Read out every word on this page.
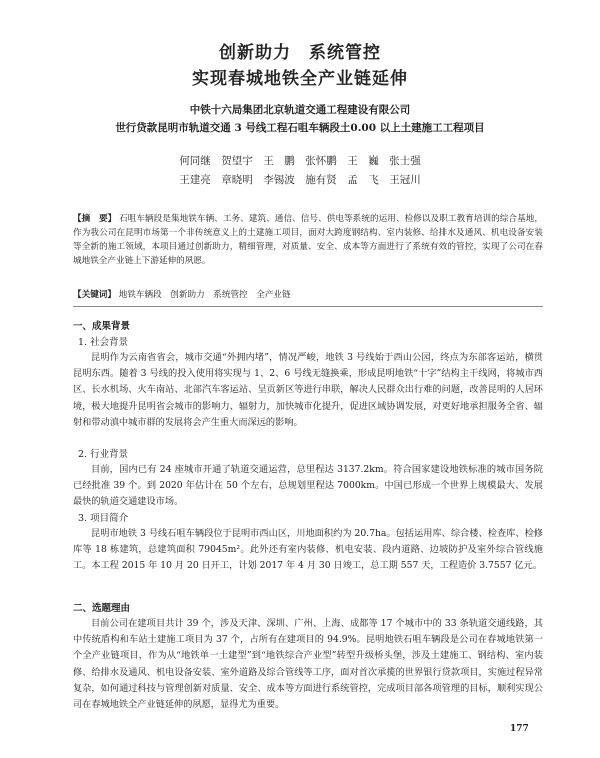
创新助力　系统管控
实现春城地铁全产业链延伸
中铁十六局集团北京轨道交通工程建设有限公司
世行贷款昆明市轨道交通 3 号线工程石咀车辆段土0.00 以上土建施工工程项目
何同继　贺望宇　王　鹏　张怀鹏　王　巍　张士强
王建亮　章晓明　李锡波　施有贤　孟　飞　王冠川
【摘　要】 石咀车辆段是集地铁车辆、工务、建筑、通信、信号、供电等系统的运用、检修以及职工教育培训的综合基地，作为我公司在昆明市场第一个非传统意义上的土建施工项目，面对大跨度钢结构、室内装修、给排水及通风、机电设备安装等全新的施工领域，本项目通过创新助力，精细管理，对质量、安全、成本等方面进行了系统有效的管控，实现了公司在春城地铁全产业链上下游延伸的夙愿。
【关键词】 地铁车辆段　创新助力　系统管控　全产业链
一、成果背景
1. 社会背景
昆明作为云南省省会，城市交通“外拥内堵”，情况严峻，地铁 3 号线始于西山公园，终点为东部客运站，横贯昆明东西。随着 3 号线的投入使用将实现与 1、2、6 号线无缝换乘，形成昆明地铁“十字”结构主干线网，将城市西区、长水机场、火车南站、北部汽车客运站、呈贡新区等进行串联，解决人民群众出行难的问题，改善昆明的人居环境，极大地提升昆明省会城市的影响力、辐射力，加快城市化提升，促进区域协调发展，对更好地承担服务全省、辐射和带动滇中城市群的发展将会产生重大而深远的影响。
2. 行业背景
目前，国内已有 24 座城市开通了轨道交通运营，总里程达 3137.2km。符合国家建设地铁标准的城市国务院已经批准 39 个。到 2020 年估计在 50 个左右，总规划里程达 7000km。中国已形成一个世界上规模最大、发展最快的轨道交通建设市场。
3. 项目简介
昆明市地铁 3 号线石咀车辆段位于昆明市西山区，川地面积约为 20.7ha。包括运用库、综合楼、检查库、检修库等 18 栋建筑，总建筑面积 79045m²。此外还有室内装修、机电安装、段内道路、边坡防护及室外综合管线施工。本工程 2015 年 10 月 20 日开工，计划 2017 年 4 月 30 日竣工，总工期 557 天，工程造价 3.7557 亿元。
二、选题理由
目前公司在建项目共计 39 个，涉及天津、深圳、广州、上海、成都等 17 个城市中的 33 条轨道交通线路，其中传统盾构和车站土建施工项目为 37 个，占所有在建项目的 94.9%。昆明地铁石咀车辆段是公司在春城地铁第一个全产业链项目，作为从“地铁单一土建型”到“地铁综合产业型”转型升级桥头堡，涉及土建施工、钢结构、室内装修、给排水及通风、机电设备安装、室外道路及综合管线等工序，面对首次承揽的世界银行贷款项目，实施过程异常复杂，如何通过科技与管理创新对质量、安全、成本等方面进行系统管控，完成项目部各项管理的目标，顺利实现公司在春城地铁全产业链延伸的夙愿，显得尤为重要。
177
